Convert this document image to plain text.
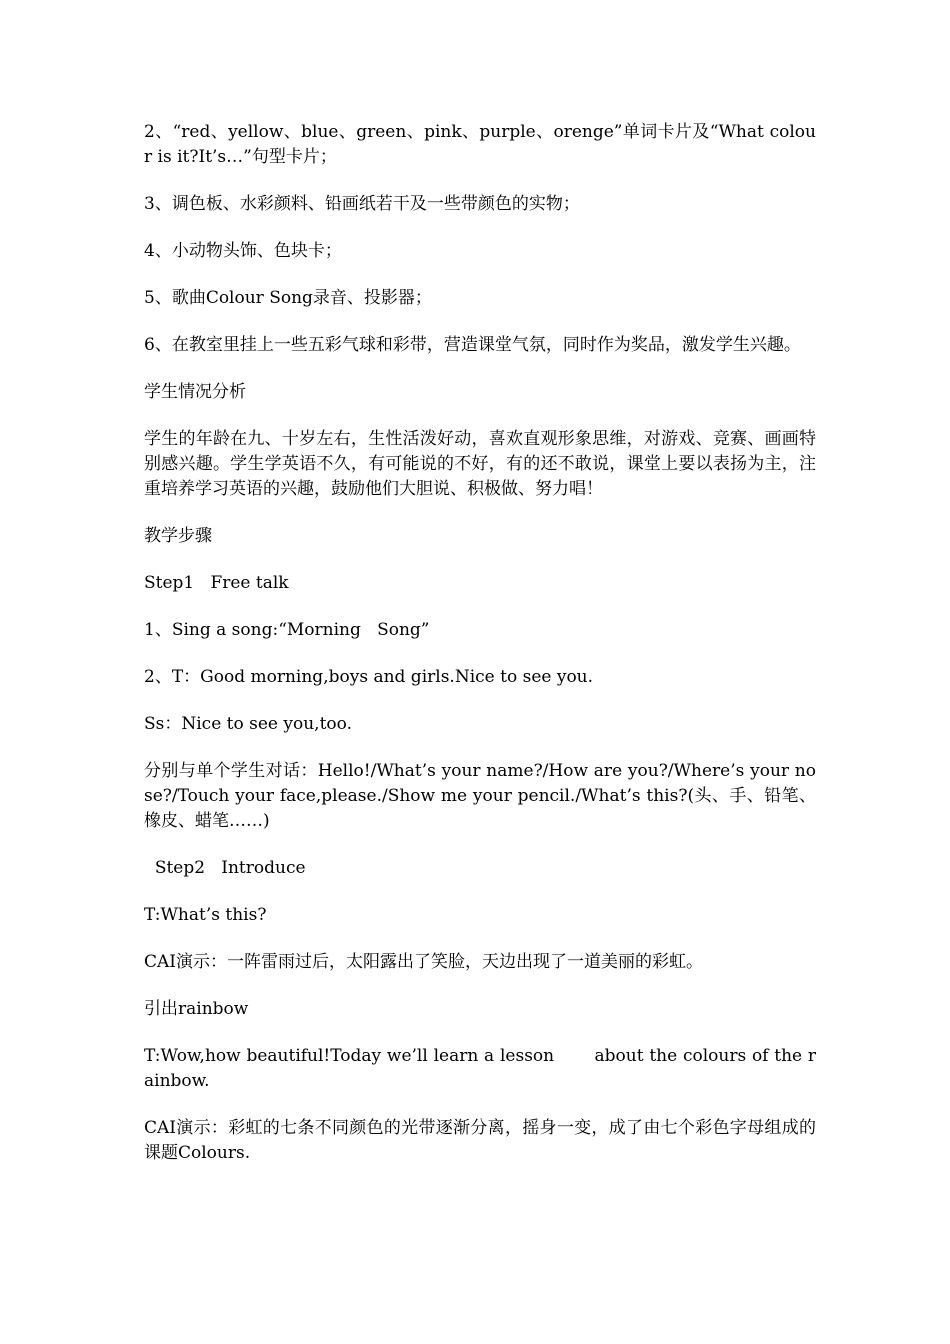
2、“red、yellow、blue、green、pink、purple、orenge”单词卡片及“What colour is it?It’s…”句型卡片；

3、调色板、水彩颜料、铅画纸若干及一些带颜色的实物；

4、小动物头饰、色块卡；

5、歌曲Colour Song录音、投影器；

6、在教室里挂上一些五彩气球和彩带，营造课堂气氛，同时作为奖品，激发学生兴趣。

学生情况分析

学生的年龄在九、十岁左右，生性活泼好动，喜欢直观形象思维，对游戏、竞赛、画画特别感兴趣。学生学英语不久，有可能说的不好，有的还不敢说，课堂上要以表扬为主，注重培养学习英语的兴趣，鼓励他们大胆说、积极做、努力唱！

教学步骤

Step1   Free talk

1、Sing a song:“Morning   Song”

2、T：Good morning,boys and girls.Nice to see you.

Ss：Nice to see you,too.

分别与单个学生对话：Hello!/What’s your name?/How are you?/Where’s your nose?/Touch your face,please./Show me your pencil./What’s this?(头、手、铅笔、橡皮、蜡笔……)

Step2   Introduce

T:What’s this?

CAI演示：一阵雷雨过后，太阳露出了笑脸，天边出现了一道美丽的彩虹。

引出rainbow

T:Wow,how beautiful!Today we’ll learn a lesson       about the colours of the rainbow.

CAI演示：彩虹的七条不同颜色的光带逐渐分离，摇身一变，成了由七个彩色字母组成的课题Colours.
